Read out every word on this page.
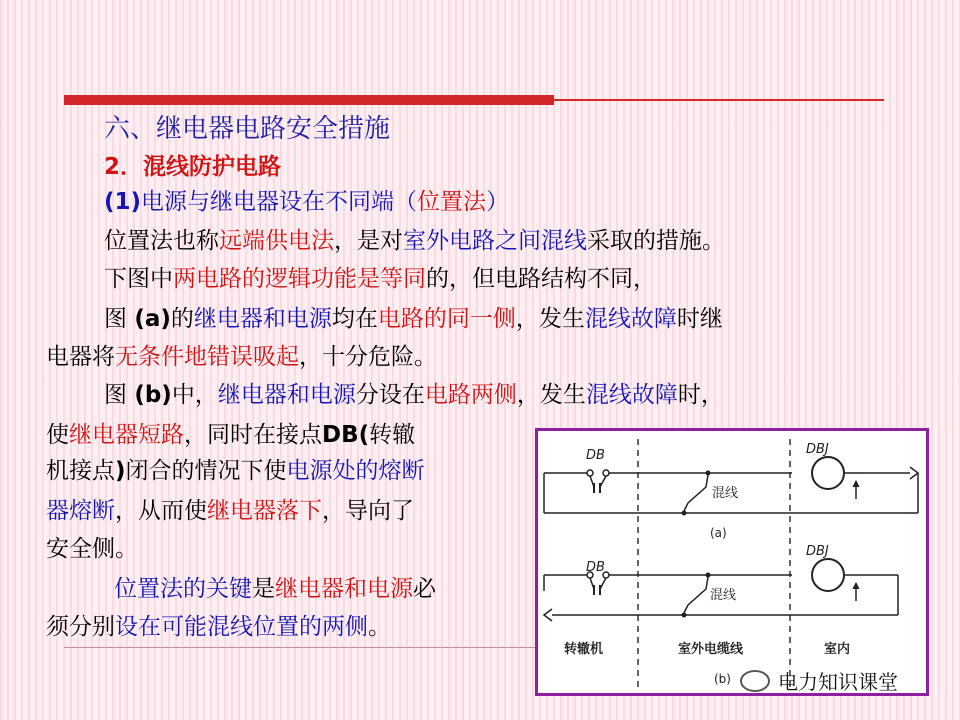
六、继电器电路安全措施
2．混线防护电路
(1)电源与继电器设在不同端（位置法）
位置法也称远端供电法，是对室外电路之间混线采取的措施。
下图中两电路的逻辑功能是等同的，但电路结构不同，
图 (a)的继电器和电源均在电路的同一侧，发生混线故障时继
电器将无条件地错误吸起，十分危险。
图 (b)中，继电器和电源分设在电路两侧，发生混线故障时，
使继电器短路，同时在接点DB(转辙
机接点)闭合的情况下使电源处的熔断
器熔断，从而使继电器落下，导向了
安全侧。
位置法的关键是继电器和电源必
须分别设在可能混线位置的两侧。
DB	DBJ
混线
(a)
DB
DBJ
混线
转辙机	室外电缆线	室内
(b) 电力知识课堂
